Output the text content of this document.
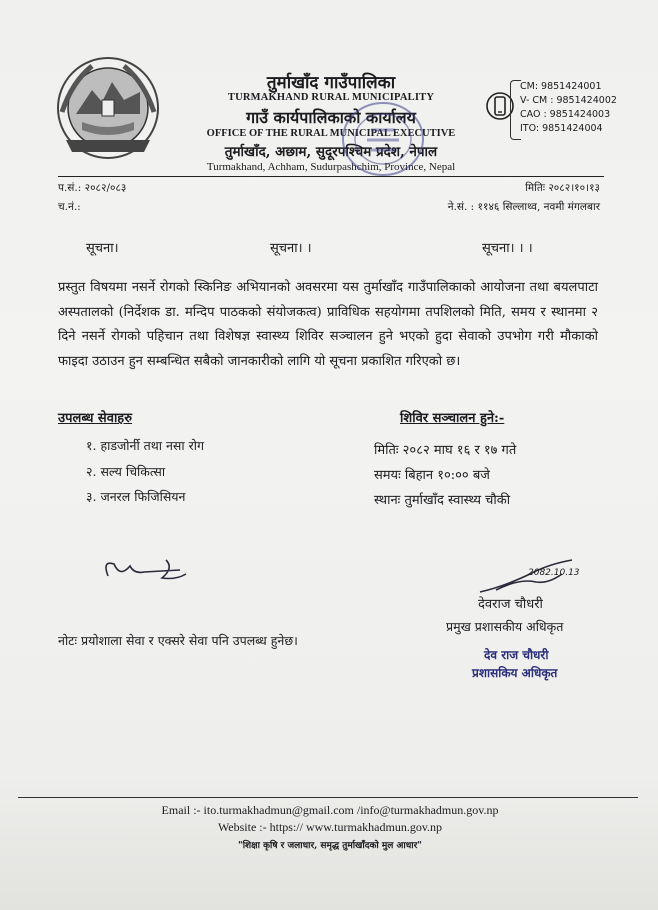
तुर्माखाँद गाउँपालिका
TURMAKHAND RURAL MUNICIPALITY
गाउँ कार्यपालिकाको कार्यालय
OFFICE OF THE RURAL MUNICIPAL EXECUTIVE
तुर्माखाँद, अछाम, सुदूरपश्चिम प्रदेश, नेपाल
Turmakhand, Achham, Sudurpashchim, Province, Nepal
CM: 9851424001
V- CM : 9851424002
CAO : 9851424003
ITO: 9851424004
प.सं.: २०८२/०८३
च.नं.:
मितिः २०८२।१०।१३
ने.सं. : ११४६ सिल्लाथ्व, नवमी मंगलबार
सूचना।	सूचना। ।	सूचना। । ।
प्रस्तुत विषयमा नसर्ने रोगको स्किनिङ अभियानको अवसरमा यस तुर्माखाँद गाउँपालिकाको आयोजना तथा बयलपाटा अस्पतालको (निर्देशक डा. मन्दिप पाठकको संयोजकत्व) प्राविधिक सहयोगमा तपशिलको मिति, समय र स्थानमा २ दिने नसर्ने रोगको पहिचान तथा विशेषज्ञ स्वास्थ्य शिविर सञ्चालन हुने भएको हुदा सेवाको उपभोग गरी मौकाको फाइदा उठाउन हुन सम्बन्धित सबैको जानकारीको लागि यो सूचना प्रकाशित गरिएको छ।
उपलब्ध सेवाहरु
१. हाडजोर्नी तथा नसा रोग
२. सल्य चिकित्सा
३. जनरल फिजिसियन
शिविर सञ्चालन हुने:-
मितिः २०८२ माघ १६ र १७ गते
समयः बिहान १०:०० बजे
स्थानः तुर्माखाँद स्वास्थ्य चौकी
2082.10.13
देवराज चौधरी
प्रमुख प्रशासकीय अधिकृत
नोटः प्रयोशाला सेवा र एक्सरे सेवा पनि उपलब्ध हुनेछ।
देव राज चौधरी
प्रशासकिय अधिकृत
Email :- ito.turmakhadmun@gmail.com /info@turmakhadmun.gov.np
Website :- https:// www.turmakhadmun.gov.np
"शिक्षा कृषि र जलाधार, समृद्ध तुर्माखाँदको मुल आधार"
